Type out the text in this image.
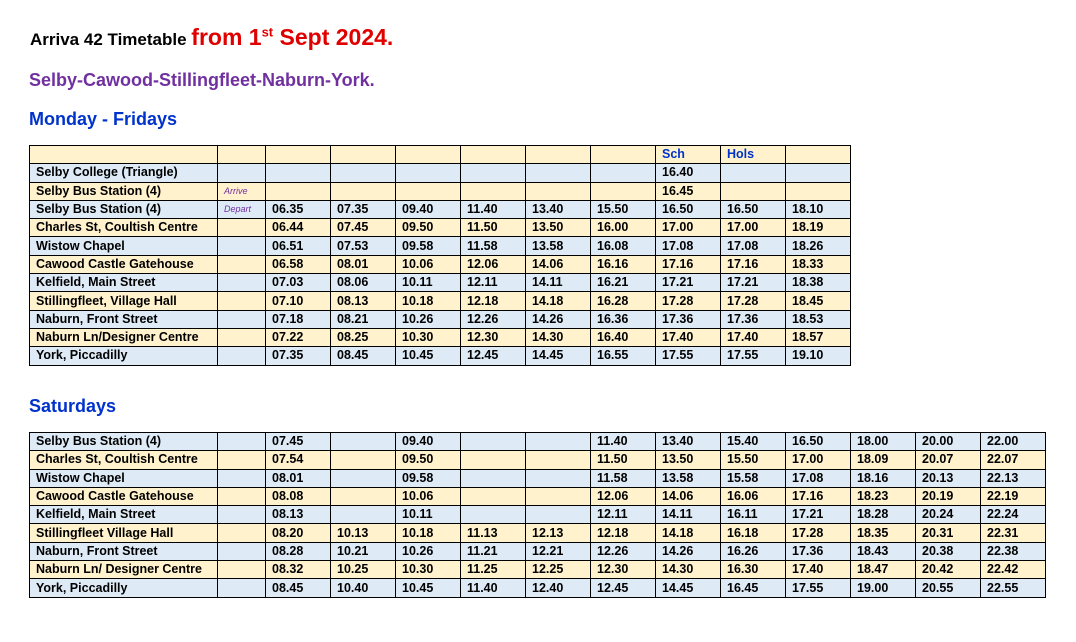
Arriva 42 Timetable from 1st Sept 2024.
Selby-Cawood-Stillingfleet-Naburn-York.
Monday - Fridays
								Sch	Hols	
Selby College (Triangle)								16.40		
Selby Bus Station (4)	Arrive							16.45		
Selby Bus Station (4)	Depart	06.35	07.35	09.40	11.40	13.40	15.50	16.50	16.50	18.10
Charles St, Coultish Centre		06.44	07.45	09.50	11.50	13.50	16.00	17.00	17.00	18.19
Wistow Chapel		06.51	07.53	09.58	11.58	13.58	16.08	17.08	17.08	18.26
Cawood Castle Gatehouse		06.58	08.01	10.06	12.06	14.06	16.16	17.16	17.16	18.33
Kelfield, Main Street		07.03	08.06	10.11	12.11	14.11	16.21	17.21	17.21	18.38
Stillingfleet, Village Hall		07.10	08.13	10.18	12.18	14.18	16.28	17.28	17.28	18.45
Naburn, Front Street		07.18	08.21	10.26	12.26	14.26	16.36	17.36	17.36	18.53
Naburn Ln/Designer Centre		07.22	08.25	10.30	12.30	14.30	16.40	17.40	17.40	18.57
York, Piccadilly		07.35	08.45	10.45	12.45	14.45	16.55	17.55	17.55	19.10
Saturdays
Selby Bus Station (4)		07.45		09.40			11.40	13.40	15.40	16.50	18.00	20.00	22.00
Charles St, Coultish Centre		07.54		09.50			11.50	13.50	15.50	17.00	18.09	20.07	22.07
Wistow Chapel		08.01		09.58			11.58	13.58	15.58	17.08	18.16	20.13	22.13
Cawood Castle Gatehouse		08.08		10.06			12.06	14.06	16.06	17.16	18.23	20.19	22.19
Kelfield, Main Street		08.13		10.11			12.11	14.11	16.11	17.21	18.28	20.24	22.24
Stillingfleet Village Hall		08.20	10.13	10.18	11.13	12.13	12.18	14.18	16.18	17.28	18.35	20.31	22.31
Naburn, Front Street		08.28	10.21	10.26	11.21	12.21	12.26	14.26	16.26	17.36	18.43	20.38	22.38
Naburn Ln/ Designer Centre		08.32	10.25	10.30	11.25	12.25	12.30	14.30	16.30	17.40	18.47	20.42	22.42
York, Piccadilly		08.45	10.40	10.45	11.40	12.40	12.45	14.45	16.45	17.55	19.00	20.55	22.55
